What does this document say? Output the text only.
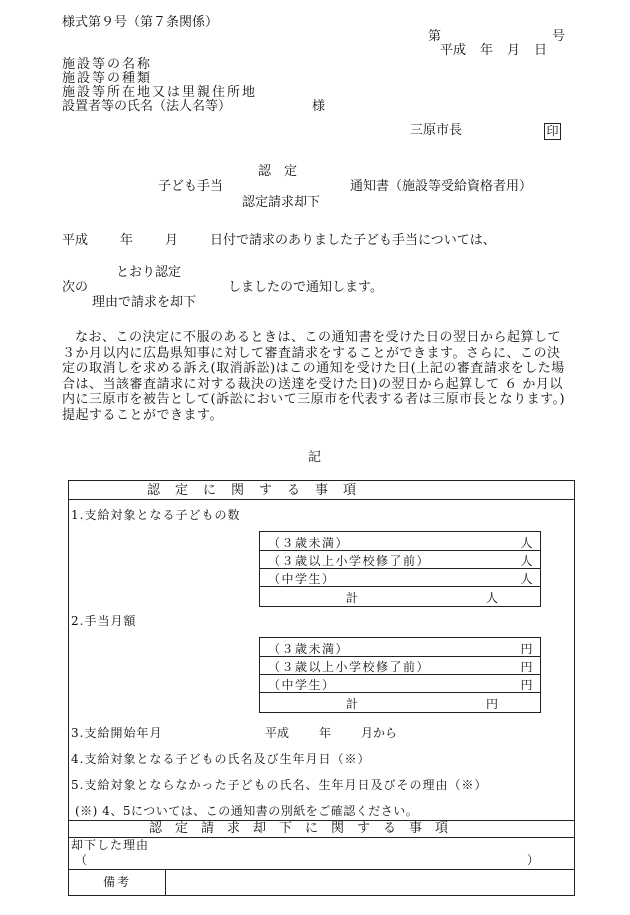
様式第９号（第７条関係）
第	号
平成 年 月 日
施設等の名称
施設等の種類
施設等所在地又は里親住所地
設置者等の氏名（法人名等）	様
三原市長	印
認　定
子ども手当
認定請求却下
通知書（施設等受給資格者用）
平成 年 月 日付で請求のありました子ども手当については、
とおり認定
次の
理由で請求を却下
しましたので通知します。
なお、この決定に不服のあるときは、この通知書を受けた日の翌日から起算して３か月以内に広島県知事に対して審査請求をすることができます。さらに、この決定の取消しを求める訴え(取消訴訟)はこの通知を受けた日(上記の審査請求をした場合は、当該審査請求に対する裁決の送達を受けた日)の翌日から起算して ６ か月以内に三原市を被告として(訴訟において三原市を代表する者は三原市長となります。)提起することができます。
記
認　定　に　関　す　る　事　項
1.支給対象となる子どもの数
（３歳未満）	人
（３歳以上小学校修了前）	人
（中学生）	人
計	人
2.手当月額
（３歳未満）	円
（３歳以上小学校修了前）	円
（中学生）	円
計	円
3.支給開始年月	平成	年	月から
4.支給対象となる子どもの氏名及び生年月日（※）
5.支給対象とならなかった子どもの氏名、生年月日及びその理由（※）
(※) 4、5については、この通知書の別紙をご確認ください。
認　定　請　求　却　下　に　関　す　る　事　項
却下した理由
（	）
備考
